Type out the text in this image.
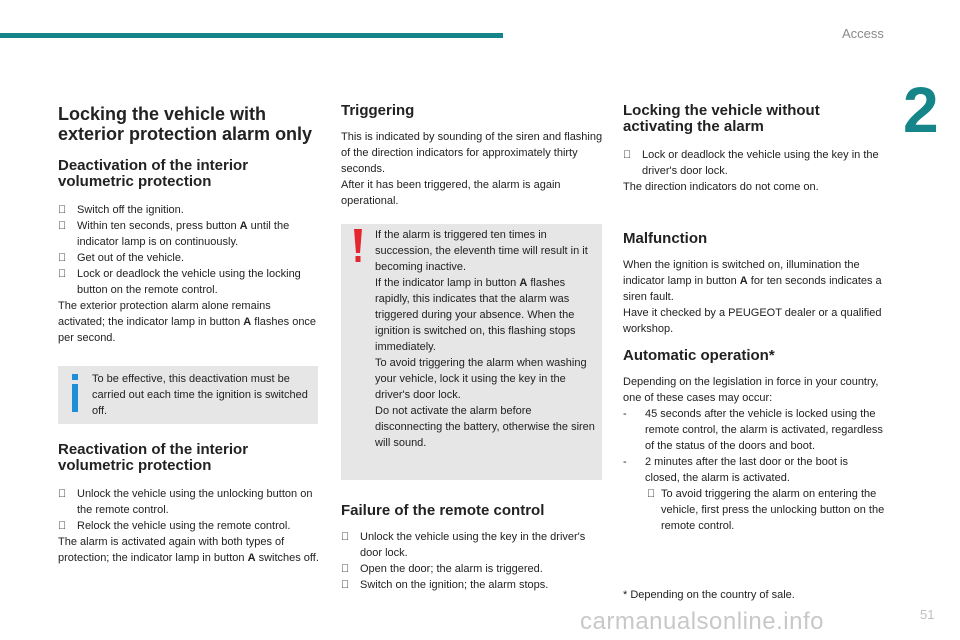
Access
2
Locking the vehicle with exterior protection alarm only
Deactivation of the interior volumetric protection
Switch off the ignition.
Within ten seconds, press button A until the indicator lamp is on continuously.
Get out of the vehicle.
Lock or deadlock the vehicle using the locking button on the remote control.

The exterior protection alarm alone remains activated; the indicator lamp in button A flashes once per second.

To be effective, this deactivation must be carried out each time the ignition is switched off.
Reactivation of the interior volumetric protection
Unlock the vehicle using the unlocking button on the remote control.
Relock the vehicle using the remote control.

The alarm is activated again with both types of protection; the indicator lamp in button A switches off.

Triggering

This is indicated by sounding of the siren and flashing of the direction indicators for approximately thirty seconds.

After it has been triggered, the alarm is again operational.

If the alarm is triggered ten times in succession, the eleventh time will result in it becoming inactive.

If the indicator lamp in button A flashes rapidly, this indicates that the alarm was triggered during your absence. When the ignition is switched on, this flashing stops immediately.

To avoid triggering the alarm when washing your vehicle, lock it using the key in the driver's door lock.

Do not activate the alarm before disconnecting the battery, otherwise the siren will sound.

Failure of the remote control
Unlock the vehicle using the key in the driver's door lock.
Open the door; the alarm is triggered.
Switch on the ignition; the alarm stops.
Locking the vehicle without activating the alarm
Lock or deadlock the vehicle using the key in the driver's door lock.

The direction indicators do not come on.

Malfunction

When the ignition is switched on, illumination the indicator lamp in button A for ten seconds indicates a siren fault.

Have it checked by a PEUGEOT dealer or a qualified workshop.

Automatic operation*

Depending on the legislation in force in your country, one of these cases may occur:

-	45 seconds after the vehicle is locked using the remote control, the alarm is activated, regardless of the status of the doors and boot.
-	2 minutes after the last door or the boot is closed, the alarm is activated.
To avoid triggering the alarm on entering the vehicle, first press the unlocking button on the remote control.
* Depending on the country of sale.
carmanualsonline.info	51
